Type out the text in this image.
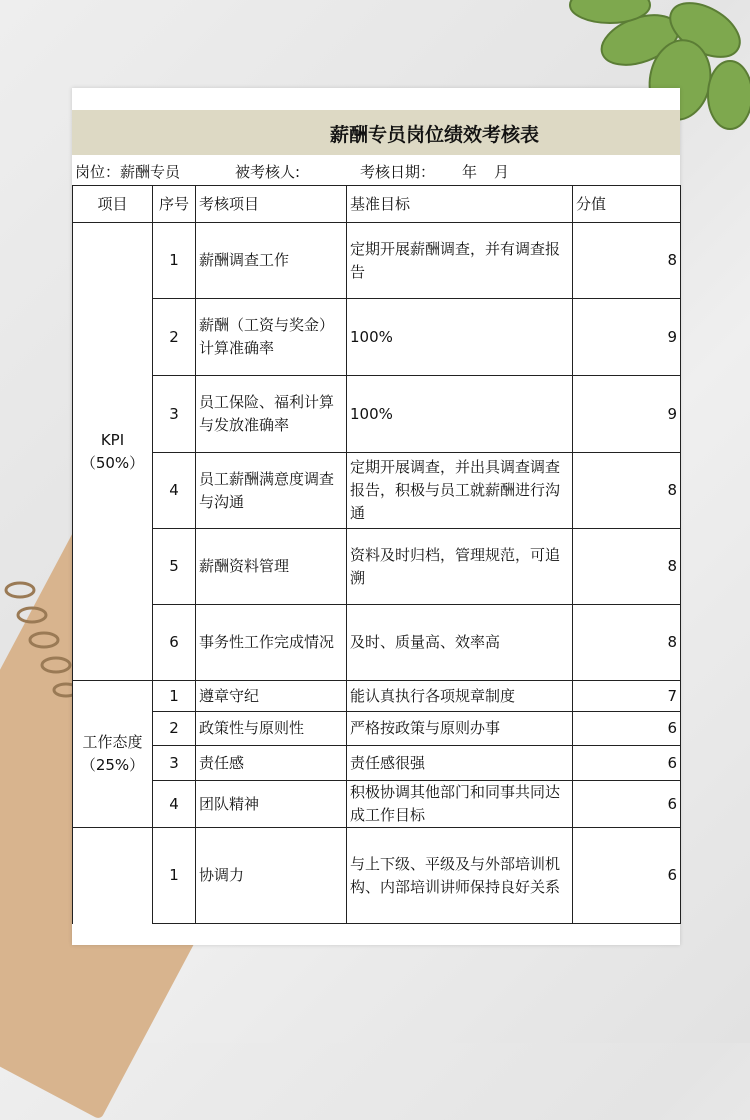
薪酬专员岗位绩效考核表
岗位：薪酬专员	被考核人:	考核日期： 年 月
项目	序号	考核项目	基准目标	分值
KPI（50%）	1	薪酬调查工作	定期开展薪酬调查，并有调查报告	8
	2	薪酬（工资与奖金）计算准确率	100%	9
	3	员工保险、福利计算与发放准确率	100%	9
	4	员工薪酬满意度调查与沟通	定期开展调查，并出具调查调查报告，积极与员工就薪酬进行沟通	8
	5	薪酬资料管理	资料及时归档，管理规范，可追溯	8
	6	事务性工作完成情况	及时、质量高、效率高	8
工作态度（25%）	1	遵章守纪	能认真执行各项规章制度	7
	2	政策性与原则性	严格按政策与原则办事	6
	3	责任感	责任感很强	6
	4	团队精神	积极协调其他部门和同事共同达成工作目标	6
	1	协调力	与上下级、平级及与外部培训机构、内部培训讲师保持良好关系	6
